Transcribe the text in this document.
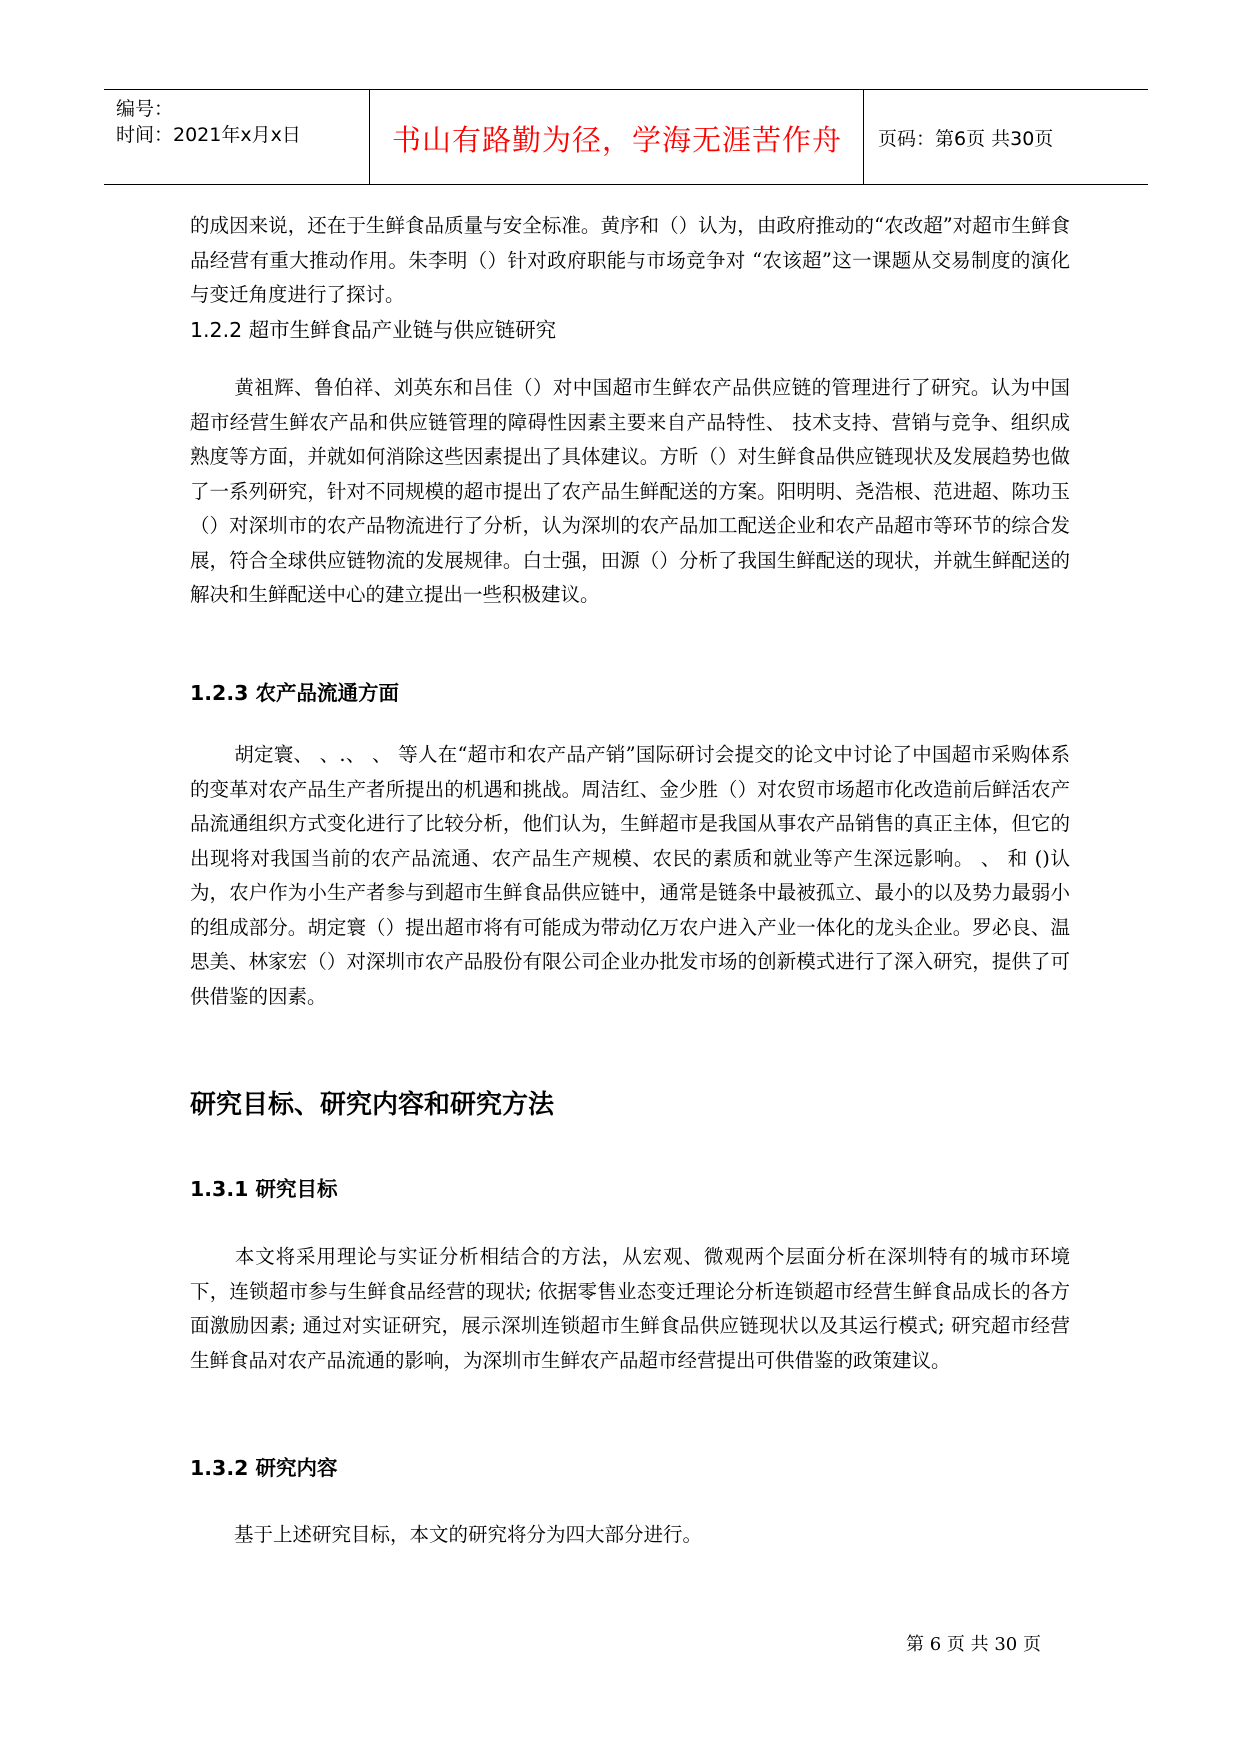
编号：
时间：2021年x月x日	书山有路勤为径，学海无涯苦作舟	页码：第6页 共30页
的成因来说，还在于生鲜食品质量与安全标准。黄序和（）认为，由政府推动的“农改超”对超市生鲜食品经营有重大推动作用。朱李明（）针对政府职能与市场竞争对 “农该超”这一课题从交易制度的演化与变迁角度进行了探讨。
1.2.2 超市生鲜食品产业链与供应链研究
黄祖辉、鲁伯祥、刘英东和吕佳（）对中国超市生鲜农产品供应链的管理进行了研究。认为中国超市经营生鲜农产品和供应链管理的障碍性因素主要来自产品特性、 技术支持、营销与竞争、组织成熟度等方面，并就如何消除这些因素提出了具体建议。方昕（）对生鲜食品供应链现状及发展趋势也做了一系列研究，针对不同规模的超市提出了农产品生鲜配送的方案。阳明明、尧浩根、范进超、陈功玉（）对深圳市的农产品物流进行了分析，认为深圳的农产品加工配送企业和农产品超市等环节的综合发展，符合全球供应链物流的发展规律。白士强，田源（）分析了我国生鲜配送的现状，并就生鲜配送的解决和生鲜配送中心的建立提出一些积极建议。
1.2.3 农产品流通方面
胡定寰、 、.、 、 等人在“超市和农产品产销”国际研讨会提交的论文中讨论了中国超市采购体系的变革对农产品生产者所提出的机遇和挑战。周洁红、金少胜（）对农贸市场超市化改造前后鲜活农产品流通组织方式变化进行了比较分析，他们认为，生鲜超市是我国从事农产品销售的真正主体，但它的出现将对我国当前的农产品流通、农产品生产规模、农民的素质和就业等产生深远影响。 、 和 ()认为，农户作为小生产者参与到超市生鲜食品供应链中，通常是链条中最被孤立、最小的以及势力最弱小的组成部分。胡定寰（）提出超市将有可能成为带动亿万农户进入产业一体化的龙头企业。罗必良、温思美、林家宏（）对深圳市农产品股份有限公司企业办批发市场的创新模式进行了深入研究，提供了可供借鉴的因素。
研究目标、研究内容和研究方法
1.3.1 研究目标
本文将采用理论与实证分析相结合的方法，从宏观、微观两个层面分析在深圳特有的城市环境下，连锁超市参与生鲜食品经营的现状; 依据零售业态变迁理论分析连锁超市经营生鲜食品成长的各方面激励因素; 通过对实证研究，展示深圳连锁超市生鲜食品供应链现状以及其运行模式; 研究超市经营生鲜食品对农产品流通的影响，为深圳市生鲜农产品超市经营提出可供借鉴的政策建议。
1.3.2 研究内容
基于上述研究目标，本文的研究将分为四大部分进行。
第 6 页 共 30 页
